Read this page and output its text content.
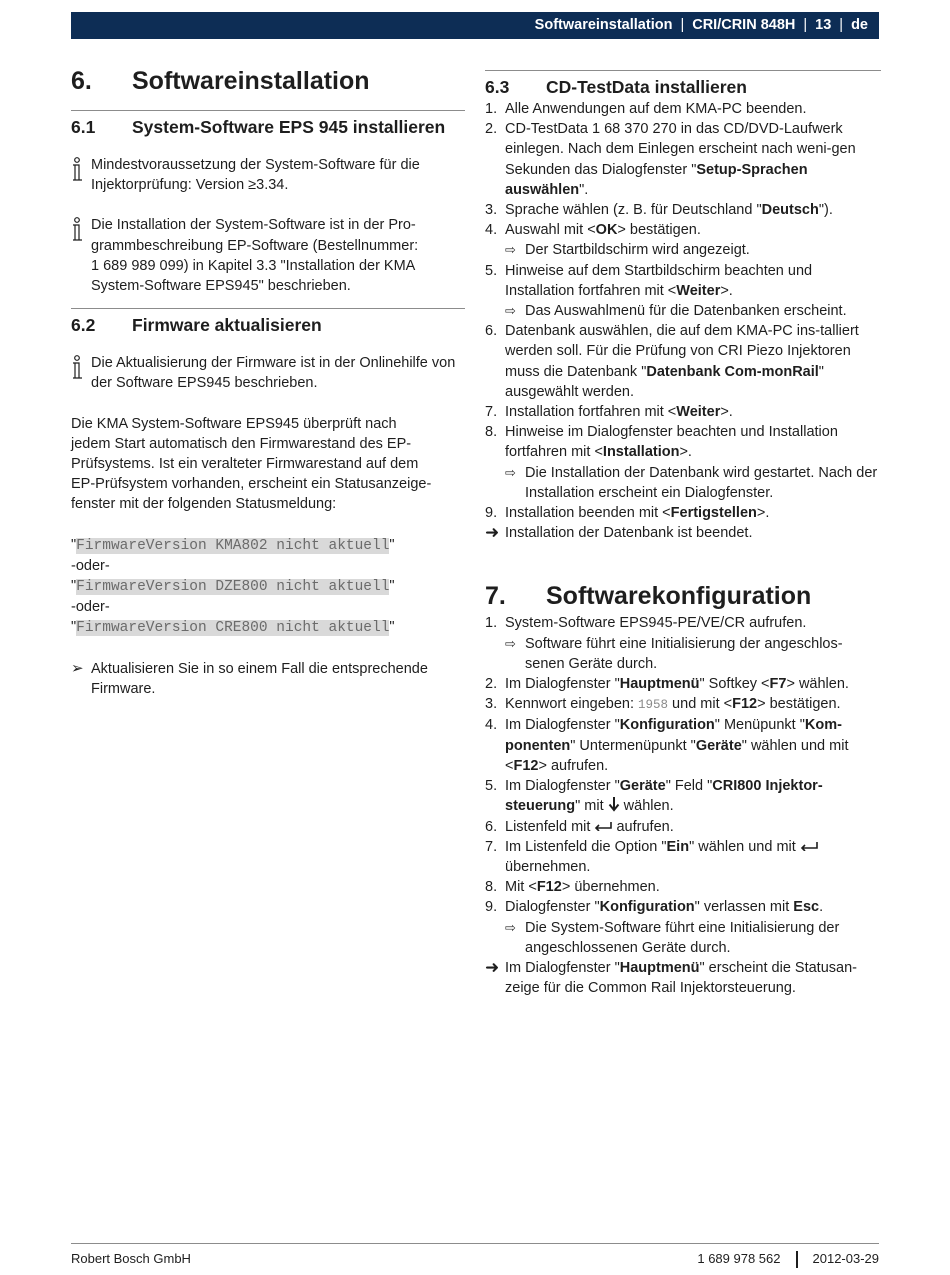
Softwareinstallation | CRI/CRIN 848H | 13 | de
6.	Softwareinstallation
6.1	System-Software EPS 945 installieren

Mindestvoraussetzung der System-Software für die Injektorprüfung: Version ≥3.34.

Die Installation der System-Software ist in der Pro-
grammbeschreibung EP-Software (Bestellnummer:
1 689 989 099) in Kapitel 3.3 "Installation der KMA
System-Software EPS945" beschrieben.

6.2	Firmware aktualisieren

Die Aktualisierung der Firmware ist in der Onlinehilfe von der Software EPS945 beschrieben.

Die KMA System-Software EPS945 überprüft nach
jedem Start automatisch den Firmwarestand des EP-
Prüfsystems. Ist ein veralteter Firmwarestand auf dem
EP-Prüfsystem vorhanden, erscheint ein Statusanzeige-
fenster mit der folgenden Statusmeldung:

"FirmwareVersion KMA802 nicht aktuell"
-oder-
"FirmwareVersion DZE800 nicht aktuell"
-oder-
"FirmwareVersion CRE800 nicht aktuell"
➢ Aktualisieren Sie in so einem Fall die entsprechende Firmware.

6.3	CD-TestData installieren
1. Alle Anwendungen auf dem KMA-PC beenden.
2. CD-TestData 1 68 370 270 in das CD/DVD-Laufwerk einlegen. Nach dem Einlegen erscheint nach weni-gen Sekunden das Dialogfenster "Setup-Sprachen auswählen".
3. Sprache wählen (z. B. für Deutschland "Deutsch").
4. Auswahl mit <OK> bestätigen.
⇨ Der Startbildschirm wird angezeigt.
5. Hinweise auf dem Startbildschirm beachten und Installation fortfahren mit <Weiter>.
⇨ Das Auswahlmenü für die Datenbanken erscheint.
6. Datenbank auswählen, die auf dem KMA-PC ins-talliert werden soll. Für die Prüfung von CRI Piezo Injektoren muss die Datenbank "Datenbank Com-monRail" ausgewählt werden.
7. Installation fortfahren mit <Weiter>.
8. Hinweise im Dialogfenster beachten und Installation fortfahren mit <Installation>.
⇨ Die Installation der Datenbank wird gestartet. Nach der Installation erscheint ein Dialogfenster.
9. Installation beenden mit <Fertigstellen>.
➜ Installation der Datenbank ist beendet.
7.	Softwarekonfiguration
1. System-Software EPS945-PE/VE/CR aufrufen.
⇨ Software führt eine Initialisierung der angeschlos-senen Geräte durch.
2. Im Dialogfenster "Hauptmenü" Softkey <F7> wählen.
3. Kennwort eingeben: 1958 und mit <F12> bestätigen.
4. Im Dialogfenster "Konfiguration" Menüpunkt "Kom-ponenten" Untermenüpunkt "Geräte" wählen und mit <F12> aufrufen.
5. Im Dialogfenster "Geräte" Feld "CRI800 Injektor-steuerung" mit  wählen.
6. Listenfeld mit  aufrufen.
7. Im Listenfeld die Option "Ein" wählen und mit  übernehmen.
8. Mit <F12> übernehmen.
9. Dialogfenster "Konfiguration" verlassen mit Esc.
⇨ Die System-Software führt eine Initialisierung der angeschlossenen Geräte durch.
➜ Im Dialogfenster "Hauptmenü" erscheint die Statusan-zeige für die Common Rail Injektorsteuerung.
Robert Bosch GmbH	1 689 978 562 2012-03-29
